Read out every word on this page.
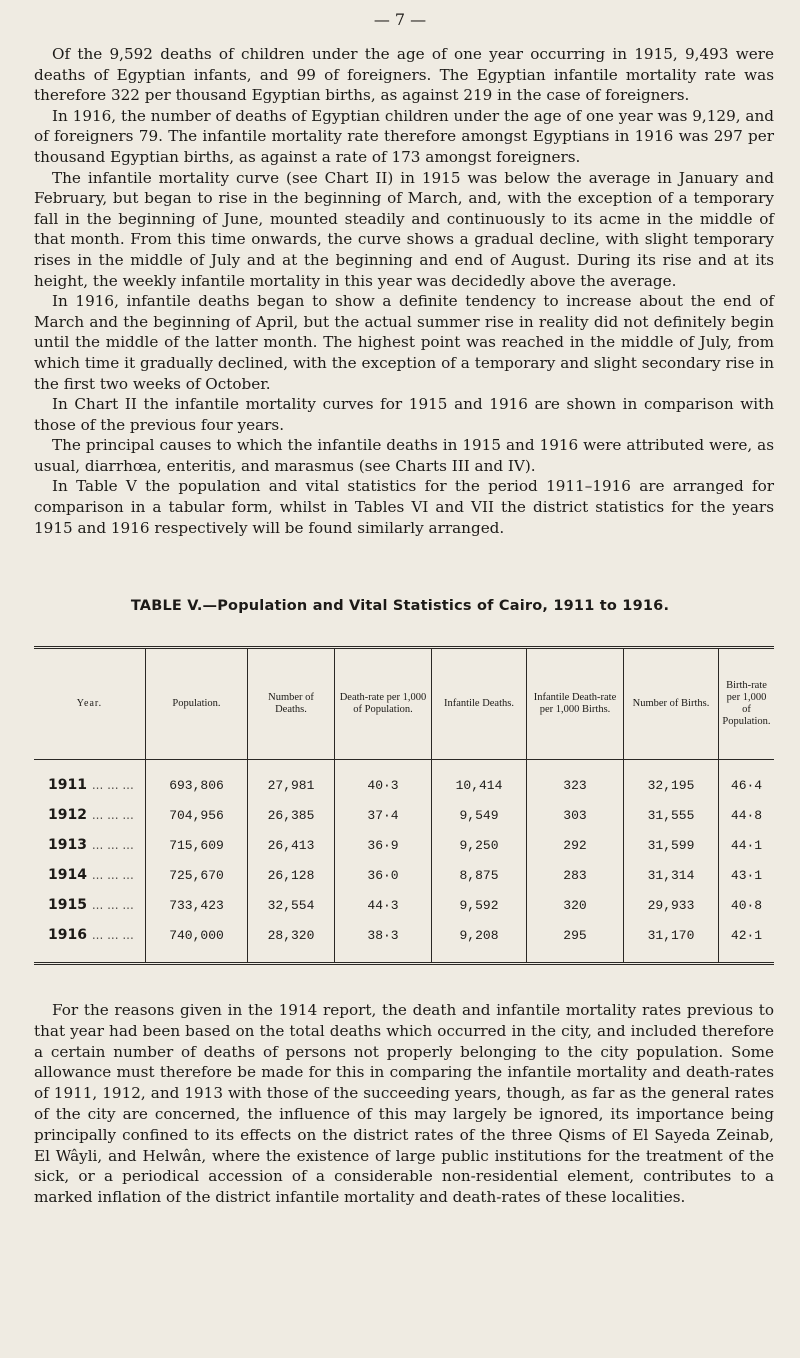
— 7 —

Of the 9,592 deaths of children under the age of one year occurring in 1915, 9,493 were deaths of Egyptian infants, and 99 of foreigners. The Egyptian infantile mortality rate was therefore 322 per thousand Egyptian births, as against 219 in the case of foreigners.

In 1916, the number of deaths of Egyptian children under the age of one year was 9,129, and of foreigners 79. The infantile mortality rate therefore amongst Egyptians in 1916 was 297 per thousand Egyptian births, as against a rate of 173 amongst foreigners.

The infantile mortality curve (see Chart II) in 1915 was below the average in January and February, but began to rise in the beginning of March, and, with the exception of a temporary fall in the beginning of June, mounted steadily and continuously to its acme in the middle of that month. From this time onwards, the curve shows a gradual decline, with slight temporary rises in the middle of July and at the beginning and end of August. During its rise and at its height, the weekly infantile mortality in this year was decidedly above the average.

In 1916, infantile deaths began to show a definite tendency to increase about the end of March and the beginning of April, but the actual summer rise in reality did not definitely begin until the middle of the latter month. The highest point was reached in the middle of July, from which time it gradually declined, with the exception of a temporary and slight secondary rise in the first two weeks of October.

In Chart II the infantile mortality curves for 1915 and 1916 are shown in comparison with those of the previous four years.

The principal causes to which the infantile deaths in 1915 and 1916 were attributed were, as usual, diarrhœa, enteritis, and marasmus (see Charts III and IV).

In Table V the population and vital statistics for the period 1911–1916 are arranged for comparison in a tabular form, whilst in Tables VI and VII the district statistics for the years 1915 and 1916 respectively will be found similarly arranged.

TABLE V.—Population and Vital Statistics of Cairo, 1911 to 1916.
Year.	Population.	Number of Deaths.	Death-rate per 1,000 of Population.	Infantile Deaths.	Infantile Death-rate per 1,000 Births.	Number of Births.	Birth-rate per 1,000 of Population.
1911 ... ... ...	693,806	27,981	40·3	10,414	323	32,195	46·4
1912 ... ... ...	704,956	26,385	37·4	9,549	303	31,555	44·8
1913 ... ... ...	715,609	26,413	36·9	9,250	292	31,599	44·1
1914 ... ... ...	725,670	26,128	36·0	8,875	283	31,314	43·1
1915 ... ... ...	733,423	32,554	44·3	9,592	320	29,933	40·8
1916 ... ... ...	740,000	28,320	38·3	9,208	295	31,170	42·1

For the reasons given in the 1914 report, the death and infantile mortality rates previous to that year had been based on the total deaths which occurred in the city, and included therefore a certain number of deaths of persons not properly belonging to the city population. Some allowance must therefore be made for this in comparing the infantile mortality and death-rates of 1911, 1912, and 1913 with those of the succeeding years, though, as far as the general rates of the city are concerned, the influence of this may largely be ignored, its importance being principally confined to its effects on the district rates of the three Qisms of El Sayeda Zeinab, El Wâyli, and Helwân, where the existence of large public institutions for the treatment of the sick, or a periodical accession of a considerable non-residential element, contributes to a marked inflation of the district infantile mortality and death-rates of these localities.
